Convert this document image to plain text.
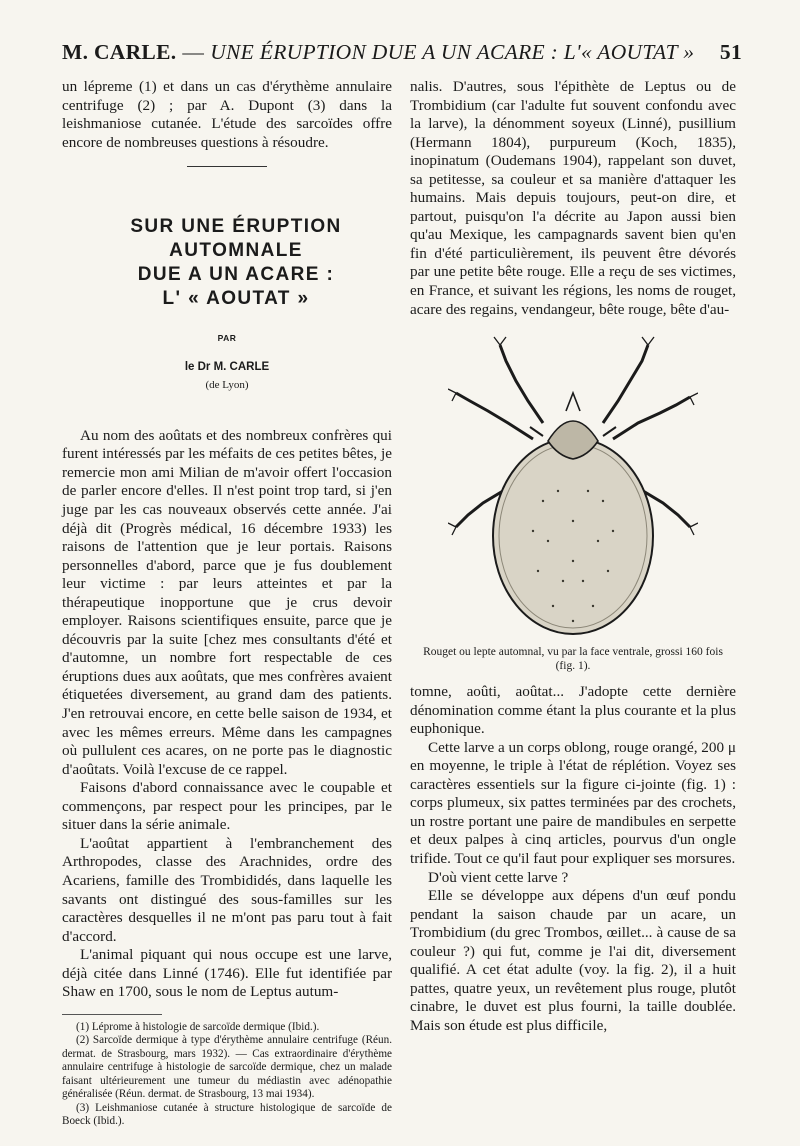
M. CARLE. — UNE ÉRUPTION DUE A UN ACARE : L'« AOUTAT » 51

un lépreme (1) et dans un cas d'érythème annulaire centrifuge (2) ; par A. Dupont (3) dans la leishmaniose cutanée. L'étude des sarcoïdes offre encore de nombreuses questions à résoudre.

SUR UNE ÉRUPTION

AUTOMNALE

DUE A UN ACARE :

L' « AOUTAT »

PAR
le Dr M. CARLE
(de Lyon)

Au nom des aoûtats et des nombreux confrères qui furent intéressés par les méfaits de ces petites bêtes, je remercie mon ami Milian de m'avoir offert l'occasion de parler encore d'elles. Il n'est point trop tard, si j'en juge par les cas nouveaux observés cette année. J'ai déjà dit (Progrès médical, 16 décembre 1933) les raisons de l'attention que je leur portais. Raisons personnelles d'abord, parce que je fus doublement leur victime : par leurs atteintes et par la thérapeutique inopportune que je crus devoir employer. Raisons scientifiques ensuite, parce que je découvris par la suite [chez mes consultants d'été et d'automne, un nombre fort respectable de ces éruptions dues aux aoûtats, que mes confrères avaient étiquetées diversement, au grand dam des patients. J'en retrouvai encore, en cette belle saison de 1934, et avec les mêmes erreurs. Même dans les campagnes où pullulent ces acares, on ne porte pas le diagnostic d'aoûtats. Voilà l'excuse de ce rappel.

Faisons d'abord connaissance avec le coupable et commençons, par respect pour les principes, par le situer dans la série animale.

L'aoûtat appartient à l'embranchement des Arthropodes, classe des Arachnides, ordre des Acariens, famille des Trombididés, dans laquelle les savants ont distingué des sous-familles sur les caractères desquelles il ne m'ont pas paru tout à fait d'accord.

L'animal piquant qui nous occupe est une larve, déjà citée dans Linné (1746). Elle fut identifiée par Shaw en 1700, sous le nom de Leptus autum-

(1) Léprome à histologie de sarcoïde dermique (Ibid.).

(2) Sarcoïde dermique à type d'érythème annulaire centrifuge (Réun. dermat. de Strasbourg, mars 1932). — Cas extraordinaire d'érythème annulaire centrifuge à histologie de sarcoïde dermique, chez un malade faisant ultérieurement une tumeur du médiastin avec adénopathie généralisée (Réun. dermat. de Strasbourg, 13 mai 1934).

(3) Leishmaniose cutanée à structure histologique de sarcoïde de Boeck (Ibid.).

nalis. D'autres, sous l'épithète de Leptus ou de Trombidium (car l'adulte fut souvent confondu avec la larve), la dénomment soyeux (Linné), pusillium (Hermann 1804), purpureum (Koch, 1835), inopinatum (Oudemans 1904), rappelant son duvet, sa petitesse, sa couleur et sa manière d'attaquer les humains. Mais depuis toujours, peut-on dire, et partout, puisqu'on l'a décrite au Japon aussi bien qu'au Mexique, les campagnards savent bien qu'en fin d'été particulièrement, ils peuvent être dévorés par une petite bête rouge. Elle a reçu de ses victimes, en France, et suivant les régions, les noms de rouget, acare des regains, vendangeur, bête rouge, bête d'au-

Rouget ou lepte automnal, vu par la face ventrale, grossi 160 fois (fig. 1).

tomne, aoûti, aoûtat... J'adopte cette dernière dénomination comme étant la plus courante et la plus euphonique.

Cette larve a un corps oblong, rouge orangé, 200 μ en moyenne, le triple à l'état de réplétion. Voyez ses caractères essentiels sur la figure ci-jointe (fig. 1) : corps plumeux, six pattes terminées par des crochets, un rostre portant une paire de mandibules en serpette et deux palpes à cinq articles, pourvus d'un ongle trifide. Tout ce qu'il faut pour expliquer ses morsures.

D'où vient cette larve ?

Elle se développe aux dépens d'un œuf pondu pendant la saison chaude par un acare, un Trombidium (du grec Trombos, œillet... à cause de sa couleur ?) qui fut, comme je l'ai dit, diversement qualifié. A cet état adulte (voy. la fig. 2), il a huit pattes, quatre yeux, un revêtement plus rouge, plutôt cinabre, le duvet est plus fourni, la taille doublée. Mais son étude est plus difficile,
